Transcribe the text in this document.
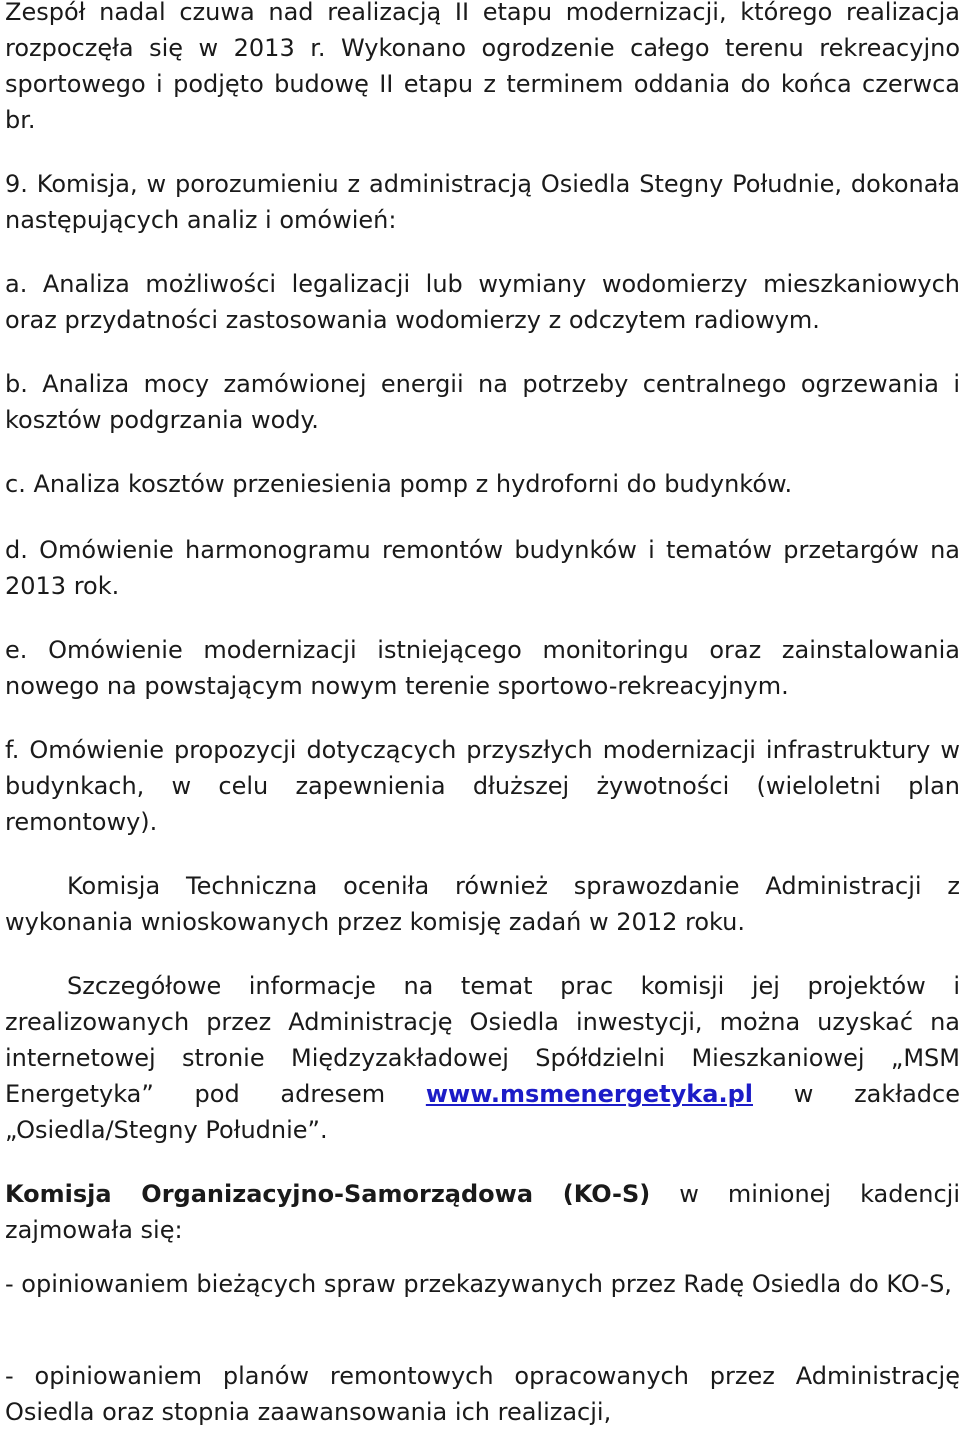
Zespół nadal czuwa nad realizacją II etapu modernizacji, którego realizacja rozpoczęła się w 2013 r. Wykonano ogrodzenie całego terenu rekreacyjno sportowego i podjęto budowę II etapu z terminem oddania do końca czerwca br.

9. Komisja, w porozumieniu z administracją Osiedla Stegny Południe, dokonała następujących analiz i omówień:

a. Analiza możliwości legalizacji lub wymiany wodomierzy mieszkaniowych oraz przydatności zastosowania wodomierzy z odczytem radiowym.

b. Analiza mocy zamówionej energii na potrzeby centralnego ogrzewania i kosztów podgrzania wody.

c. Analiza kosztów przeniesienia pomp z hydroforni do budynków.

d. Omówienie harmonogramu remontów budynków i tematów przetargów na 2013 rok.

e. Omówienie modernizacji istniejącego monitoringu oraz zainstalowania nowego na powstającym nowym terenie sportowo-rekreacyjnym.

f. Omówienie propozycji dotyczących przyszłych modernizacji infrastruktury w budynkach, w celu zapewnienia dłuższej żywotności (wieloletni plan remontowy).

Komisja Techniczna oceniła również sprawozdanie Administracji z wykonania wnioskowanych przez komisję zadań w 2012 roku.

Szczegółowe informacje na temat prac komisji jej projektów i zrealizowanych przez Administrację Osiedla inwestycji, można uzyskać na internetowej stronie Międzyzakładowej Spółdzielni Mieszkaniowej „MSM Energetyka” pod adresem www.msmenergetyka.pl w zakładce „Osiedla/Stegny Południe”.

Komisja Organizacyjno-Samorządowa (KO-S) w minionej kadencji zajmowała się:

- opiniowaniem bieżących spraw przekazywanych przez Radę Osiedla do KO-S,

- opiniowaniem planów remontowych opracowanych przez Administrację Osiedla oraz stopnia zaawansowania ich realizacji,
